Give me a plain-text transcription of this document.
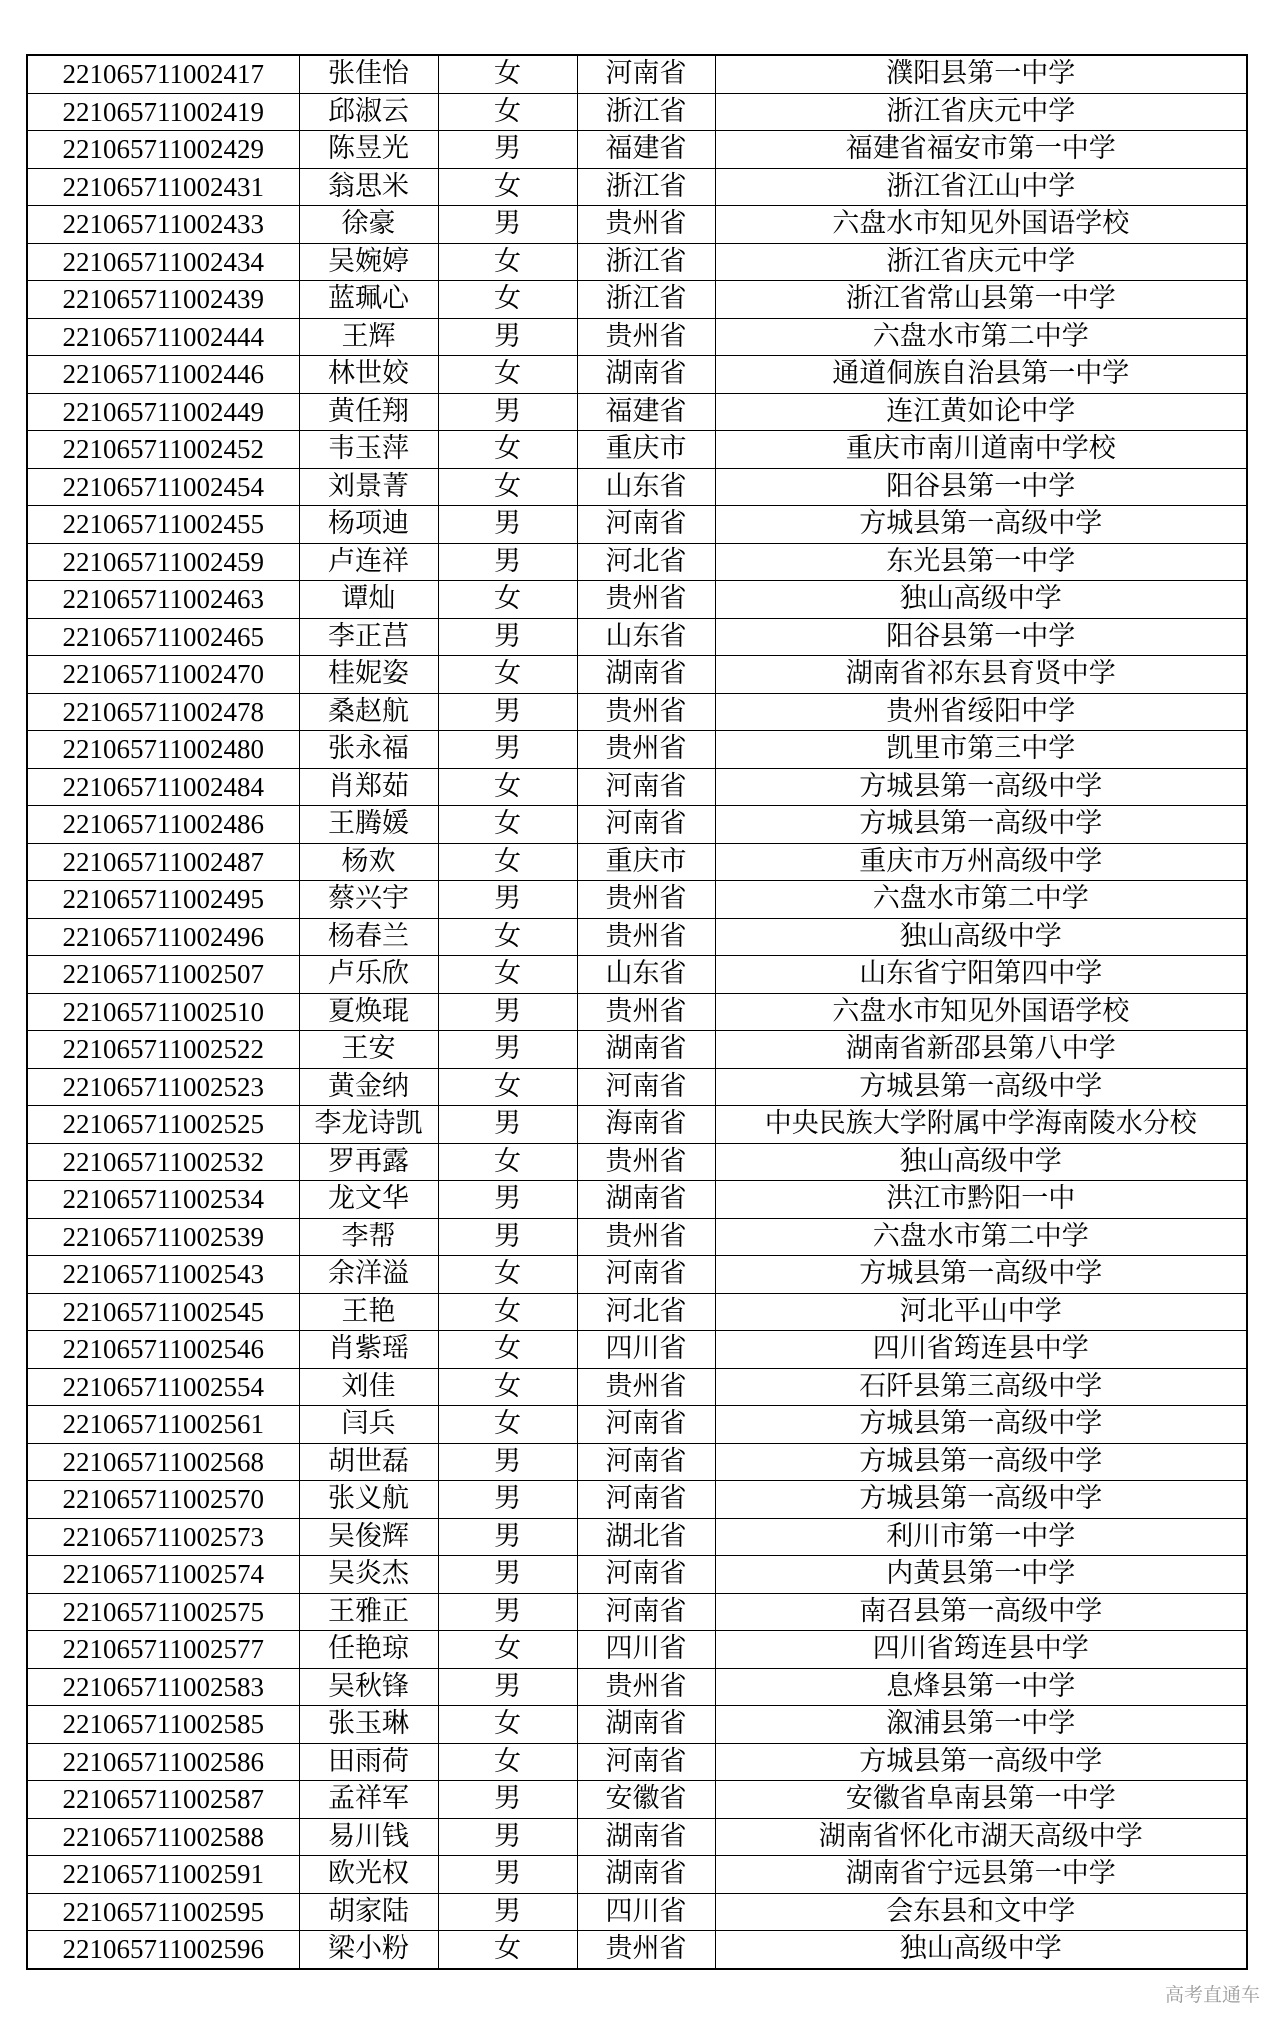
221065711002417	张佳怡	女	河南省	濮阳县第一中学
221065711002419	邱淑云	女	浙江省	浙江省庆元中学
221065711002429	陈昱光	男	福建省	福建省福安市第一中学
221065711002431	翁思米	女	浙江省	浙江省江山中学
221065711002433	徐豪	男	贵州省	六盘水市知见外国语学校
221065711002434	吴婉婷	女	浙江省	浙江省庆元中学
221065711002439	蓝珮心	女	浙江省	浙江省常山县第一中学
221065711002444	王辉	男	贵州省	六盘水市第二中学
221065711002446	林世姣	女	湖南省	通道侗族自治县第一中学
221065711002449	黄任翔	男	福建省	连江黄如论中学
221065711002452	韦玉萍	女	重庆市	重庆市南川道南中学校
221065711002454	刘景菁	女	山东省	阳谷县第一中学
221065711002455	杨项迪	男	河南省	方城县第一高级中学
221065711002459	卢连祥	男	河北省	东光县第一中学
221065711002463	谭灿	女	贵州省	独山高级中学
221065711002465	李正莒	男	山东省	阳谷县第一中学
221065711002470	桂妮姿	女	湖南省	湖南省祁东县育贤中学
221065711002478	桑赵航	男	贵州省	贵州省绥阳中学
221065711002480	张永福	男	贵州省	凯里市第三中学
221065711002484	肖郑茹	女	河南省	方城县第一高级中学
221065711002486	王腾媛	女	河南省	方城县第一高级中学
221065711002487	杨欢	女	重庆市	重庆市万州高级中学
221065711002495	蔡兴宇	男	贵州省	六盘水市第二中学
221065711002496	杨春兰	女	贵州省	独山高级中学
221065711002507	卢乐欣	女	山东省	山东省宁阳第四中学
221065711002510	夏焕琨	男	贵州省	六盘水市知见外国语学校
221065711002522	王安	男	湖南省	湖南省新邵县第八中学
221065711002523	黄金纳	女	河南省	方城县第一高级中学
221065711002525	李龙诗凯	男	海南省	中央民族大学附属中学海南陵水分校
221065711002532	罗再露	女	贵州省	独山高级中学
221065711002534	龙文华	男	湖南省	洪江市黔阳一中
221065711002539	李帮	男	贵州省	六盘水市第二中学
221065711002543	余洋溢	女	河南省	方城县第一高级中学
221065711002545	王艳	女	河北省	河北平山中学
221065711002546	肖紫瑶	女	四川省	四川省筠连县中学
221065711002554	刘佳	女	贵州省	石阡县第三高级中学
221065711002561	闫兵	女	河南省	方城县第一高级中学
221065711002568	胡世磊	男	河南省	方城县第一高级中学
221065711002570	张义航	男	河南省	方城县第一高级中学
221065711002573	吴俊辉	男	湖北省	利川市第一中学
221065711002574	吴炎杰	男	河南省	内黄县第一中学
221065711002575	王雅正	男	河南省	南召县第一高级中学
221065711002577	任艳琼	女	四川省	四川省筠连县中学
221065711002583	吴秋锋	男	贵州省	息烽县第一中学
221065711002585	张玉琳	女	湖南省	溆浦县第一中学
221065711002586	田雨荷	女	河南省	方城县第一高级中学
221065711002587	孟祥军	男	安徽省	安徽省阜南县第一中学
221065711002588	易川钱	男	湖南省	湖南省怀化市湖天高级中学
221065711002591	欧光权	男	湖南省	湖南省宁远县第一中学
221065711002595	胡家陆	男	四川省	会东县和文中学
221065711002596	梁小粉	女	贵州省	独山高级中学
高考直通车
